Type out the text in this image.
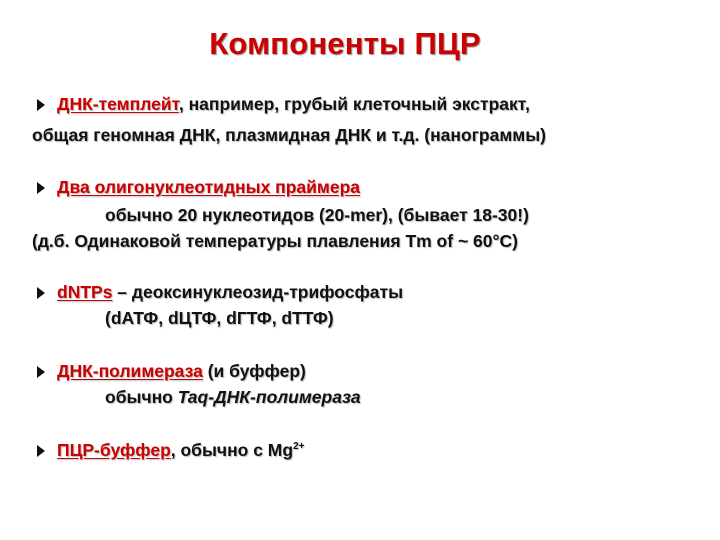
Компоненты ПЦР
ДНК-темплейт, например, грубый клеточный экстракт,
общая геномная ДНК, плазмидная ДНК и т.д. (нанограммы)
Два олигонуклеотидных праймера
обычно 20 нуклеотидов (20-mer), (бывает 18-30!)
(д.б. Одинаковой температуры плавления Tm of ~ 60°C)
dNTPs – деоксинуклеозид-трифосфаты
(dАТФ, dЦТФ, dГТФ, dТТФ)
ДНК-полимераза (и буффер)
обычно Taq-ДНК-полимераза
ПЦР-буффер, обычно с $Mg^{2+}$
